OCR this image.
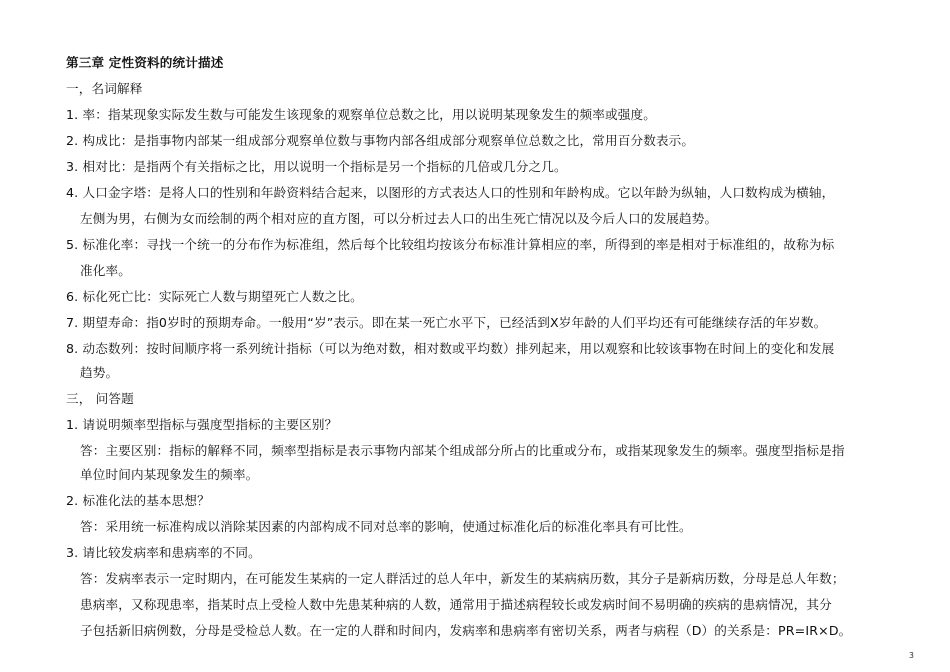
第三章 定性资料的统计描述
一，名词解释
1. 率：指某现象实际发生数与可能发生该现象的观察单位总数之比，用以说明某现象发生的频率或强度。
2. 构成比：是指事物内部某一组成部分观察单位数与事物内部各组成部分观察单位总数之比，常用百分数表示。
3. 相对比：是指两个有关指标之比，用以说明一个指标是另一个指标的几倍或几分之几。
4. 人口金字塔：是将人口的性别和年龄资料结合起来，以图形的方式表达人口的性别和年龄构成。它以年龄为纵轴，人口数构成为横轴，
左侧为男，右侧为女而绘制的两个相对应的直方图，可以分析过去人口的出生死亡情况以及今后人口的发展趋势。
5. 标准化率：寻找一个统一的分布作为标准组，然后每个比较组均按该分布标准计算相应的率，所得到的率是相对于标准组的，故称为标
准化率。
6. 标化死亡比：实际死亡人数与期望死亡人数之比。
7. 期望寿命：指0岁时的预期寿命。一般用“岁”表示。即在某一死亡水平下，已经活到X岁年龄的人们平均还有可能继续存活的年岁数。
8. 动态数列：按时间顺序将一系列统计指标（可以为绝对数，相对数或平均数）排列起来，用以观察和比较该事物在时间上的变化和发展
趋势。
三， 问答题
1. 请说明频率型指标与强度型指标的主要区别？
答：主要区别：指标的解释不同，频率型指标是表示事物内部某个组成部分所占的比重或分布，或指某现象发生的频率。强度型指标是指
单位时间内某现象发生的频率。
2. 标准化法的基本思想？
答：采用统一标准构成以消除某因素的内部构成不同对总率的影响，使通过标准化后的标准化率具有可比性。
3. 请比较发病率和患病率的不同。
答：发病率表示一定时期内，在可能发生某病的一定人群活过的总人年中，新发生的某病病历数，其分子是新病历数，分母是总人年数；
患病率，又称现患率，指某时点上受检人数中先患某种病的人数，通常用于描述病程较长或发病时间不易明确的疾病的患病情况，其分
子包括新旧病例数，分母是受检总人数。在一定的人群和时间内，发病率和患病率有密切关系，两者与病程（D）的关系是：PR=IR×D。
3
